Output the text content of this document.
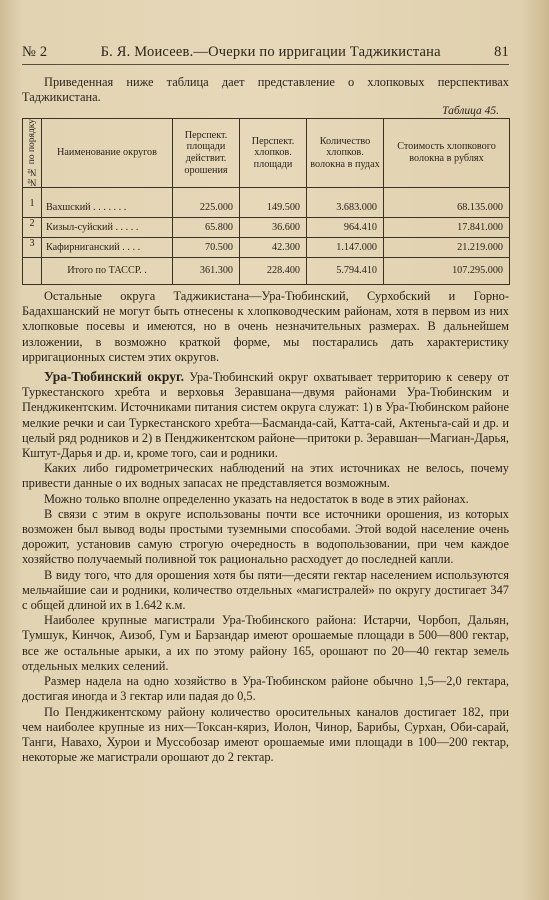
№ 2	Б. Я. Моисеев.—Очерки по ирригации Таджикистана	81

Приведенная ниже таблица дает представление о хлопковых перспективах Таджикистана.

Таблица 45.
№№ по порядку	Наименование округов	Перспект. площади действит. орошения	Перспект. хлопков. площади	Количество хлопков. волокна в пудах	Стоимость хлопкового волокна в рублях
1	Вахшский . . . . . . .	225.000	149.500	3.683.000	68.135.000
2	Кизыл-суйский . . . . .	65.800	36.600	964.410	17.841.000
3	Кафирниганский . . . .	70.500	42.300	1.147.000	21.219.000
	Итого по ТАССР. .	361.300	228.400	5.794.410	107.295.000

Остальные округа Таджикистана—Ура-Тюбинский, Сурхобский и Горно-Бадахшанский не могут быть отнесены к хлопководческим районам, хотя в первом из них хлопковые посевы и имеются, но в очень незначительных размерах. В дальнейшем изложении, в возможно краткой форме, мы постарались дать характеристику ирригационных систем этих округов.

Ура-Тюбинский округ. Ура-Тюбинский округ охватывает территорию к северу от Туркестанского хребта и верховья Зеравшана—двумя районами Ура-Тюбинским и Пенджикентским. Источниками питания систем округа служат: 1) в Ура-Тюбинском районе мелкие речки и саи Туркестанского хребта—Басманда-сай, Катта-сай, Актеньга-сай и др. и целый ряд родников и 2) в Пенджикентском районе—притоки р. Зеравшан—Магиан-Дарья, Кштут-Дарья и др. и, кроме того, саи и родники.

Каких либо гидрометрических наблюдений на этих источниках не велось, почему привести данные о их водных запасах не представляется возможным.

Можно только вполне определенно указать на недостаток в воде в этих районах.

В связи с этим в округе использованы почти все источники орошения, из которых возможен был вывод воды простыми туземными способами. Этой водой население очень дорожит, установив самую строгую очередность в водопользовании, при чем каждое хозяйство получаемый поливной ток рационально расходует до последней капли.

В виду того, что для орошения хотя бы пяти—десяти гектар населением используются мельчайшие саи и родники, количество отдельных «магистралей» по округу достигает 347 с общей длиной их в 1.642 к.м.

Наиболее крупные магистрали Ура-Тюбинского района: Истарчи, Чорбоп, Дальян, Тумшук, Кинчок, Аизоб, Гум и Барзандар имеют орошаемые площади в 500—800 гектар, все же остальные арыки, а их по этому району 165, орошают по 20—40 гектар земель отдельных мелких селений.

Размер надела на одно хозяйство в Ура-Тюбинском районе обычно 1,5—2,0 гектара, достигая иногда и 3 гектар или падая до 0,5.

По Пенджикентскому району количество оросительных каналов достигает 182, при чем наиболее крупные из них—Токсан-кяриз, Иолон, Чинор, Барибы, Сурхан, Оби-сарай, Танги, Навахо, Хурои и Муссобозар имеют орошаемые ими площади в 100—200 гектар, некоторые же магистрали орошают до 2 гектар.
